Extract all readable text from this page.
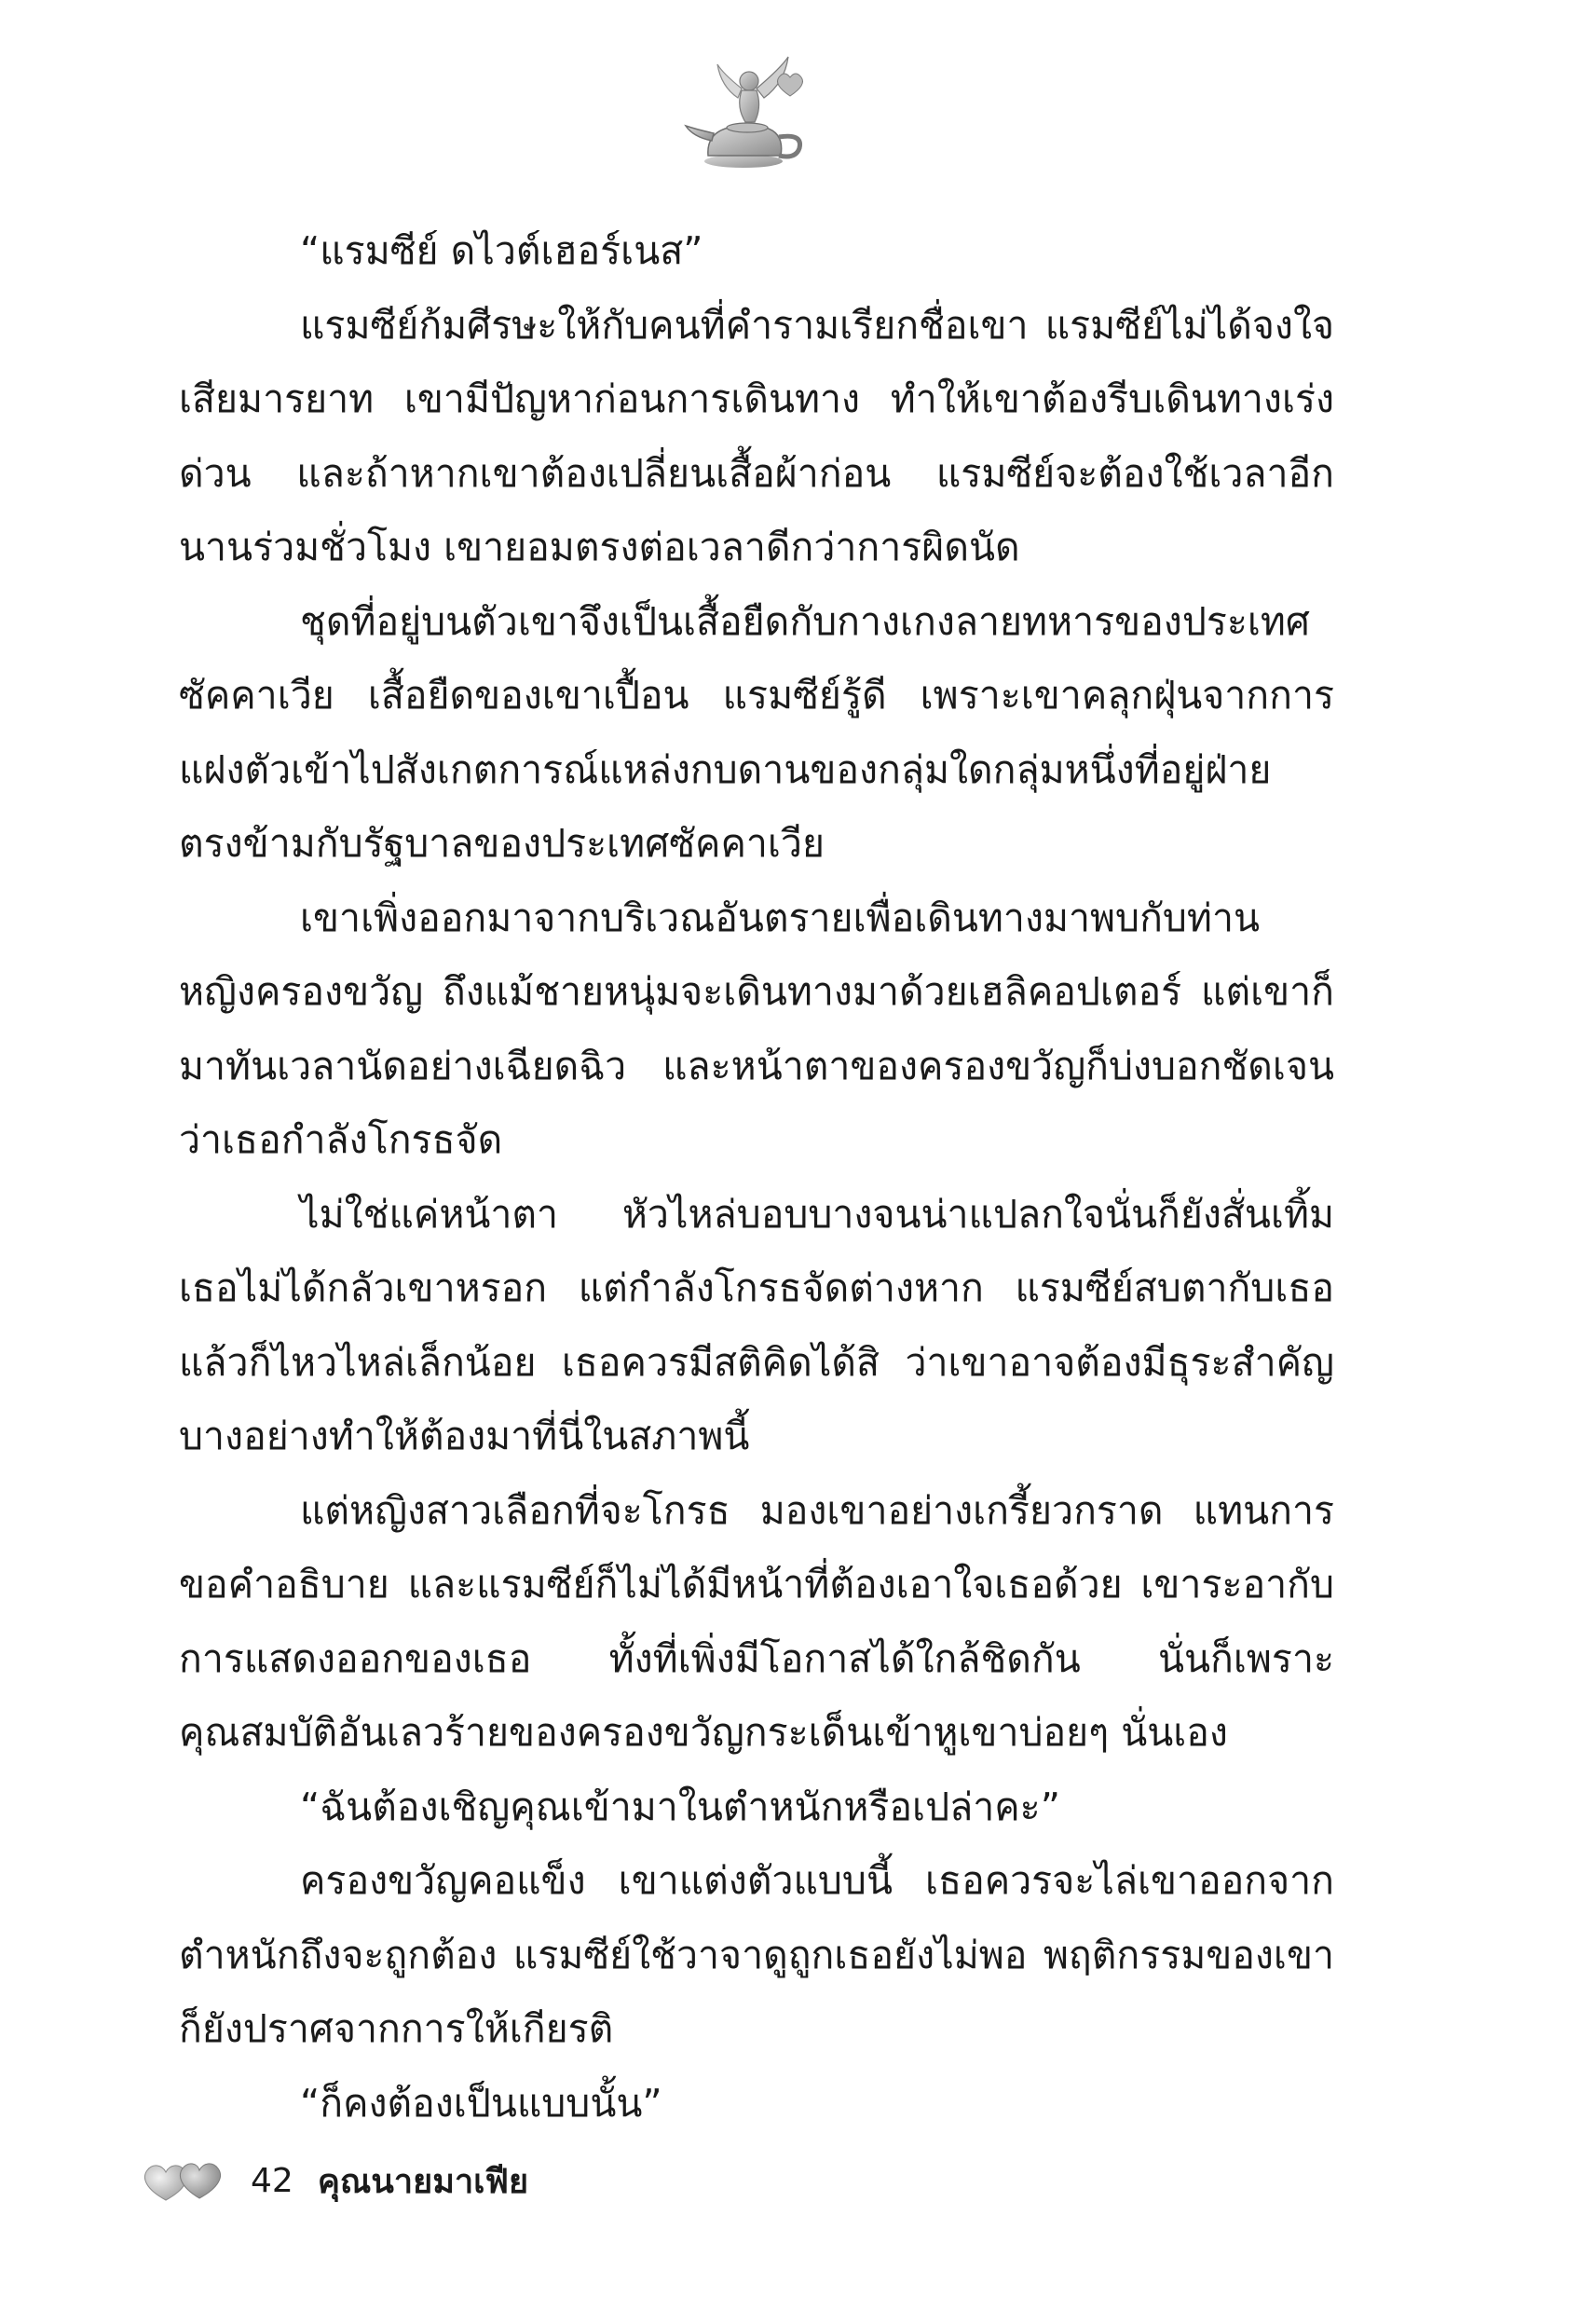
“แรมซีย์ ดไวต์เฮอร์เนส”

แรมซีย์ก้มศีรษะให้กับคนที่คำรามเรียกชื่อเขา แรมซีย์ไม่ได้จงใจเสียมารยาท เขามีปัญหาก่อนการเดินทาง ทำให้เขาต้องรีบเดินทางเร่งด่วน และถ้าหากเขาต้องเปลี่ยนเสื้อผ้าก่อน แรมซีย์จะต้องใช้เวลาอีกนานร่วมชั่วโมง เขายอมตรงต่อเวลาดีกว่าการผิดนัด

ชุดที่อยู่บนตัวเขาจึงเป็นเสื้อยืดกับกางเกงลายทหารของประเทศซัคคาเวีย เสื้อยืดของเขาเปื้อน แรมซีย์รู้ดี เพราะเขาคลุกฝุ่นจากการแฝงตัวเข้าไปสังเกตการณ์แหล่งกบดานของกลุ่มใดกลุ่มหนึ่งที่อยู่ฝ่ายตรงข้ามกับรัฐบาลของประเทศซัคคาเวีย

เขาเพิ่งออกมาจากบริเวณอันตรายเพื่อเดินทางมาพบกับท่านหญิงครองขวัญ ถึงแม้ชายหนุ่มจะเดินทางมาด้วยเฮลิคอปเตอร์ แต่เขาก็มาทันเวลานัดอย่างเฉียดฉิว และหน้าตาของครองขวัญก็บ่งบอกชัดเจนว่าเธอกำลังโกรธจัด

ไม่ใช่แค่หน้าตา หัวไหล่บอบบางจนน่าแปลกใจนั่นก็ยังสั่นเทิ้ม เธอไม่ได้กลัวเขาหรอก แต่กำลังโกรธจัดต่างหาก แรมซีย์สบตากับเธอแล้วก็ไหวไหล่เล็กน้อย เธอควรมีสติคิดได้สิ ว่าเขาอาจต้องมีธุระสำคัญบางอย่างทำให้ต้องมาที่นี่ในสภาพนี้

แต่หญิงสาวเลือกที่จะโกรธ มองเขาอย่างเกรี้ยวกราด แทนการขอคำอธิบาย และแรมซีย์ก็ไม่ได้มีหน้าที่ต้องเอาใจเธอด้วย เขาระอากับการแสดงออกของเธอ ทั้งที่เพิ่งมีโอกาสได้ใกล้ชิดกัน นั่นก็เพราะคุณสมบัติอันเลวร้ายของครองขวัญกระเด็นเข้าหูเขาบ่อยๆ นั่นเอง

“ฉันต้องเชิญคุณเข้ามาในตำหนักหรือเปล่าคะ”

ครองขวัญคอแข็ง เขาแต่งตัวแบบนี้ เธอควรจะไล่เขาออกจากตำหนักถึงจะถูกต้อง แรมซีย์ใช้วาจาดูถูกเธอยังไม่พอ พฤติกรรมของเขาก็ยังปราศจากการให้เกียรติ

“ก็คงต้องเป็นแบบนั้น”

42 คุณนายมาเฟีย
